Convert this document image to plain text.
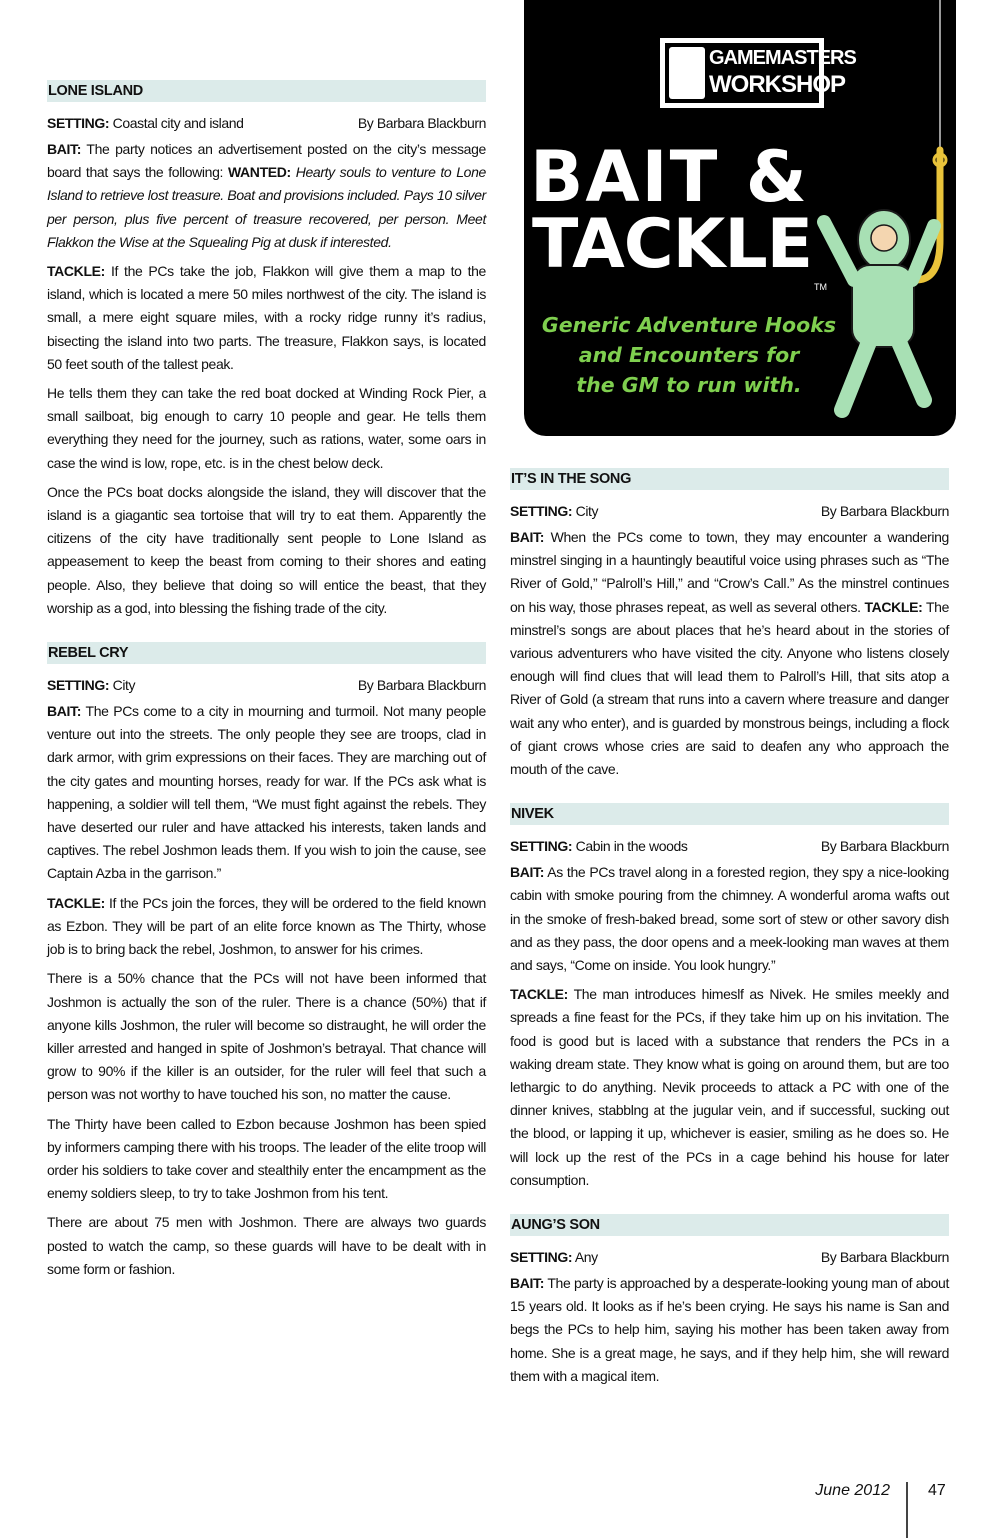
GAMEMASTERS
WORKSHOP
BAIT &
TACKLE
TM
Generic Adventure Hooks
and Encounters for
the GM to run with.
LONE ISLAND
SETTING: Coastal city and island	By Barbara Blackburn

BAIT: The party notices an advertisement posted on the city’s message board that says the following: WANTED: Hearty souls to venture to Lone Island to retrieve lost treasure. Boat and provisions included. Pays 10 silver per person, plus five percent of treasure recovered, per person. Meet Flakkon the Wise at the Squealing Pig at dusk if interested.

TACKLE: If the PCs take the job, Flakkon will give them a map to the island, which is located a mere 50 miles northwest of the city. The island is small, a mere eight square miles, with a rocky ridge runny it’s radius, bisecting the island into two parts. The treasure, Flakkon says, is located 50 feet south of the tallest peak.

He tells them they can take the red boat docked at Winding Rock Pier, a small sailboat, big enough to carry 10 people and gear. He tells them everything they need for the journey, such as rations, water, some oars in case the wind is low, rope, etc. is in the chest below deck.

Once the PCs boat docks alongside the island, they will discover that the island is a giagantic sea tortoise that will try to eat them. Apparently the citizens of the city have traditionally sent people to Lone Island as appeasement to keep the beast from coming to their shores and eating people. Also, they believe that doing so will entice the beast, that they worship as a god, into blessing the fishing trade of the city.

REBEL CRY
SETTING: City	By Barbara Blackburn

BAIT: The PCs come to a city in mourning and turmoil. Not many people venture out into the streets. The only people they see are troops, clad in dark armor, with grim expressions on their faces. They are marching out of the city gates and mounting horses, ready for war. If the PCs ask what is happening, a soldier will tell them, “We must fight against the rebels. They have deserted our ruler and have attacked his interests, taken lands and captives. The rebel Joshmon leads them. If you wish to join the cause, see Captain Azba in the garrison.”

TACKLE: If the PCs join the forces, they will be ordered to the field known as Ezbon. They will be part of an elite force known as The Thirty, whose job is to bring back the rebel, Joshmon, to answer for his crimes.

There is a 50% chance that the PCs will not have been informed that Joshmon is actually the son of the ruler. There is a chance (50%) that if anyone kills Joshmon, the ruler will become so distraught, he will order the killer arrested and hanged in spite of Joshmon’s betrayal. That chance will grow to 90% if the killer is an outsider, for the ruler will feel that such a person was not worthy to have touched his son, no matter the cause.

The Thirty have been called to Ezbon because Joshmon has been spied by informers camping there with his troops. The leader of the elite troop will order his soldiers to take cover and stealthily enter the encampment as the enemy soldiers sleep, to try to take Joshmon from his tent.

There are about 75 men with Joshmon. There are always two guards posted to watch the camp, so these guards will have to be dealt with in some form or fashion.

IT’S IN THE SONG
SETTING: City	By Barbara Blackburn

BAIT: When the PCs come to town, they may encounter a wandering minstrel singing in a hauntingly beautiful voice using phrases such as “The River of Gold,” “Palroll’s Hill,” and “Crow’s Call.” As the minstrel continues on his way, those phrases repeat, as well as several others. TACKLE: The minstrel’s songs are about places that he’s heard about in the stories of various adventurers who have visited the city. Anyone who listens closely enough will find clues that will lead them to Palroll’s Hill, that sits atop a River of Gold (a stream that runs into a cavern where treasure and danger wait any who enter), and is guarded by monstrous beings, including a flock of giant crows whose cries are said to deafen any who approach the mouth of the cave.

NIVEK
SETTING: Cabin in the woods	By Barbara Blackburn

BAIT: As the PCs travel along in a forested region, they spy a nice-looking cabin with smoke pouring from the chimney. A wonderful aroma wafts out in the smoke of fresh-baked bread, some sort of stew or other savory dish and as they pass, the door opens and a meek-looking man waves at them and says, “Come on inside. You look hungry.”

TACKLE: The man introduces himeslf as Nivek. He smiles meekly and spreads a fine feast for the PCs, if they take him up on his invitation. The food is good but is laced with a substance that renders the PCs in a waking dream state. They know what is going on around them, but are too lethargic to do anything. Nevik proceeds to attack a PC with one of the dinner knives, stabblng at the jugular vein, and if successful, sucking out the blood, or lapping it up, whichever is easier, smiling as he does so. He will lock up the rest of the PCs in a cage behind his house for later consumption.

AUNG’S SON
SETTING: Any	By Barbara Blackburn

BAIT: The party is approached by a desperate-looking young man of about 15 years old. It looks as if he’s been crying. He says his name is San and begs the PCs to help him, saying his mother has been taken away from home. She is a great mage, he says, and if they help him, she will reward them with a magical item.

June 2012 47
